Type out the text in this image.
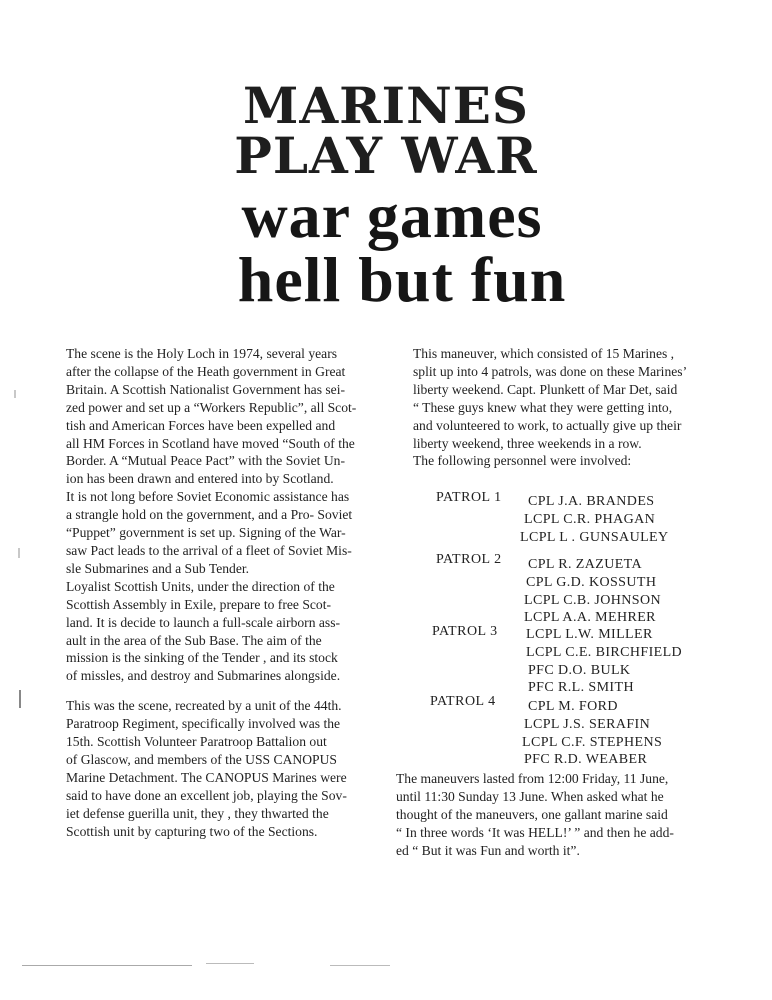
MARINES
PLAY WAR
war games
hell but fun

The scene is the Holy Loch in 1974, several years
after the collapse of the Heath government in Great
Britain. A Scottish Nationalist Government has sei-
zed power and set up a “Workers Republic”, all Scot-
tish and American Forces have been expelled and
all HM Forces in Scotland have moved “South of the
Border. A “Mutual Peace Pact” with the Soviet Un-
ion has been drawn and entered into by Scotland.
It is not long before Soviet Economic assistance has
a strangle hold on the government, and a Pro- Soviet
“Puppet” government is set up. Signing of the War-
saw Pact leads to the arrival of a fleet of Soviet Mis-
sle Submarines and a Sub Tender.
Loyalist Scottish Units, under the direction of the
Scottish Assembly in Exile, prepare to free Scot-
land. It is decide to launch a full-scale airborn ass-
ault in the area of the Sub Base. The aim of the
mission is the sinking of the Tender , and its stock
of missles, and destroy and Submarines alongside.

This was the scene, recreated by a unit of the 44th.
Paratroop Regiment, specifically involved was the
15th. Scottish Volunteer Paratroop Battalion out
of Glascow, and members of the USS CANOPUS
Marine Detachment. The CANOPUS Marines were
said to have done an excellent job, playing the Sov-
iet defense guerilla unit, they , they thwarted the
Scottish unit by capturing two of the Sections.

This maneuver, which consisted of 15 Marines ,
split up into 4 patrols, was done on these Marines’
liberty weekend. Capt. Plunkett of Mar Det, said
“ These guys knew what they were getting into,
and volunteered to work, to actually give up their
liberty weekend, three weekends in a row.
The following personnel were involved:

PATROL 1 CPL J.A. BRANDES
LCPL C.R. PHAGAN
LCPL L . GUNSAULEY
PATROL 2 CPL R. ZAZUETA
CPL G.D. KOSSUTH
LCPL C.B. JOHNSON
LCPL A.A. MEHRER
PATROL 3 LCPL L.W. MILLER
LCPL C.E. BIRCHFIELD
PFC D.O. BULK
PFC R.L. SMITH
PATROL 4 CPL M. FORD
LCPL J.S. SERAFIN
LCPL C.F. STEPHENS
PFC R.D. WEABER
The maneuvers lasted from 12:00 Friday, 11 June,
until 11:30 Sunday 13 June. When asked what he
thought of the maneuvers, one gallant marine said
“ In three words ‘It was HELL!’ ” and then he add-
ed “ But it was Fun and worth it”.
